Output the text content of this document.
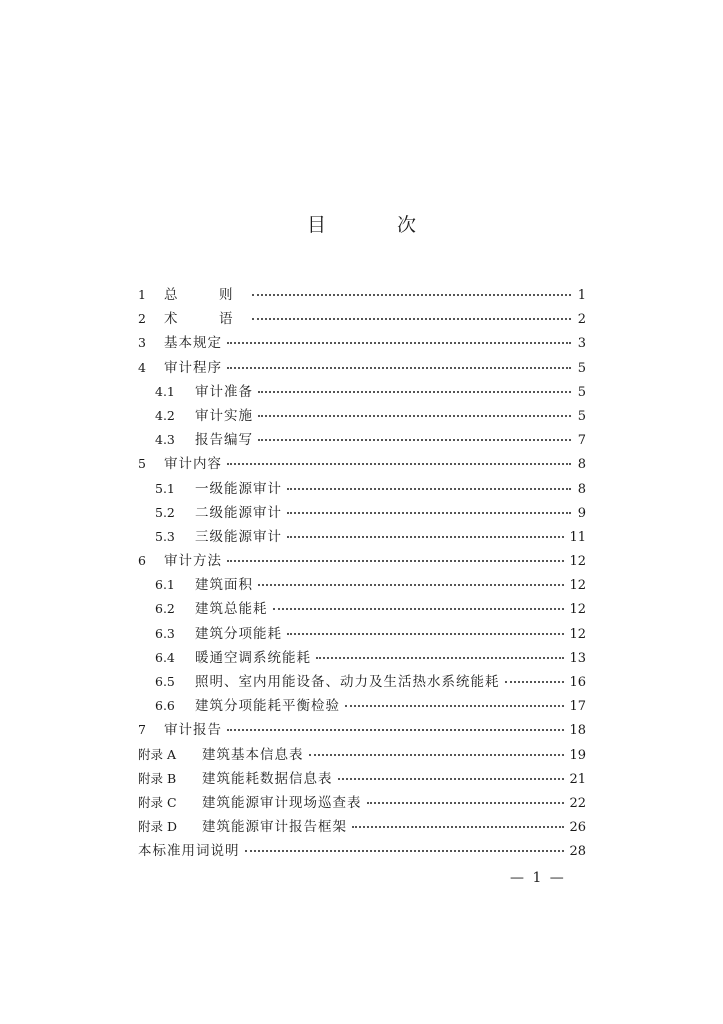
目　次
1	总　则	1
2	术　语	2
3	基本规定	3
4	审计程序	5
4.1	审计准备	5
4.2	审计实施	5
4.3	报告编写	7
5	审计内容	8
5.1	一级能源审计	8
5.2	二级能源审计	9
5.3	三级能源审计	11
6	审计方法	12
6.1	建筑面积	12
6.2	建筑总能耗	12
6.3	建筑分项能耗	12
6.4	暖通空调系统能耗	13
6.5	照明、室内用能设备、动力及生活热水系统能耗	16
6.6	建筑分项能耗平衡检验	17
7	审计报告	18
附录 A	建筑基本信息表	19
附录 B	建筑能耗数据信息表	21
附录 C	建筑能源审计现场巡查表	22
附录 D	建筑能源审计报告框架	26
本标准用词说明	28
— 1 —
